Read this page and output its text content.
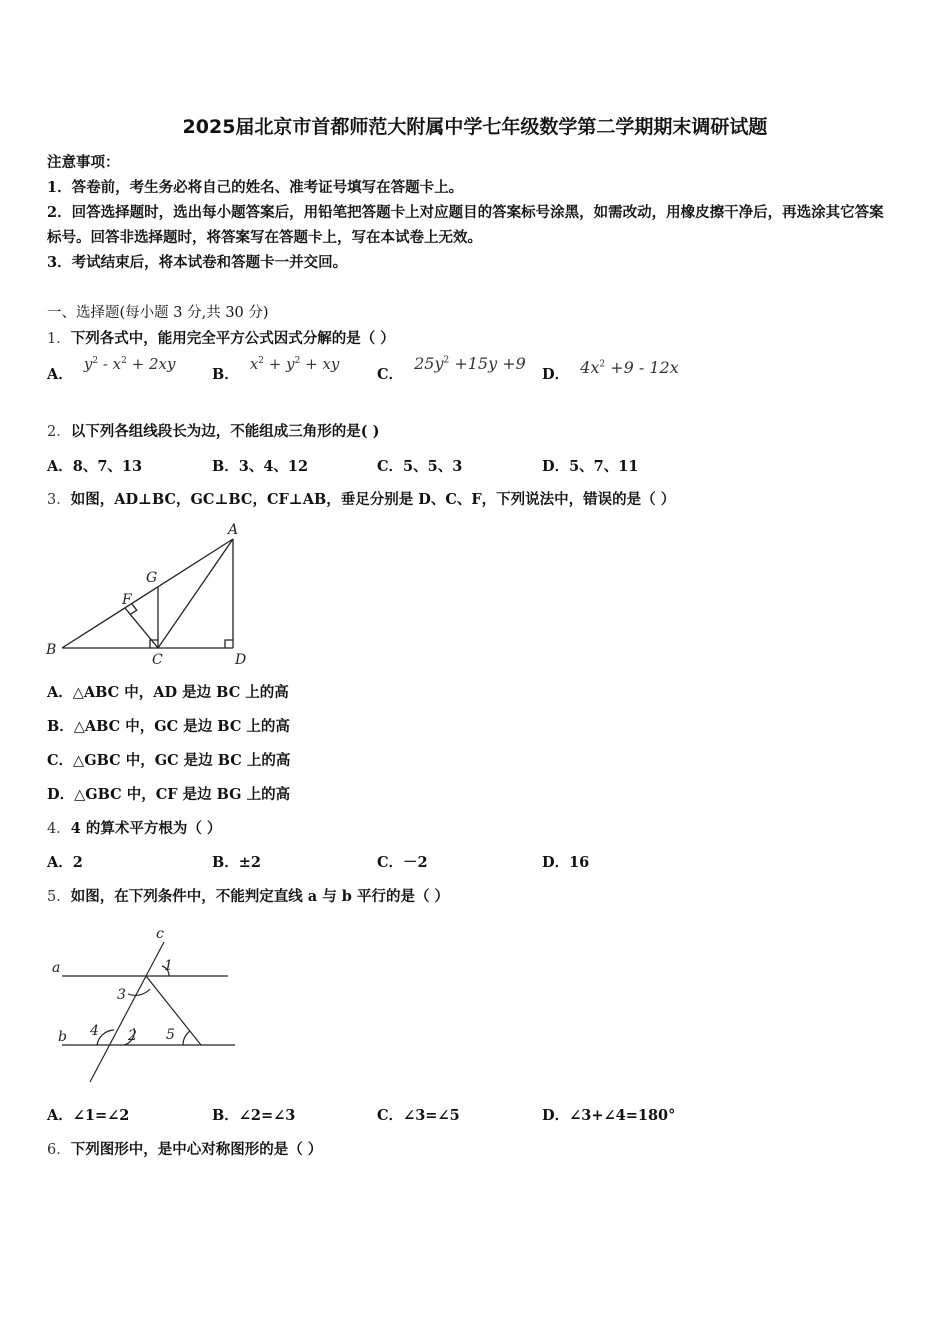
2025届北京市首都师范大附属中学七年级数学第二学期期末调研试题
注意事项：
1．答卷前，考生务必将自己的姓名、准考证号填写在答题卡上。
2．回答选择题时，选出每小题答案后，用铅笔把答题卡上对应题目的答案标号涂黑，如需改动，用橡皮擦干净后，再选涂其它答案标号。回答非选择题时，将答案写在答题卡上，写在本试卷上无效。
3．考试结束后，将本试卷和答题卡一并交回。
一、选择题(每小题 3 分,共 30 分)
1．下列各式中，能用完全平方公式因式分解的是（ ）
A． $y^2 - x^2 + 2xy$
B． $x^2 + y^2$ + xy
C． $25y^2 +15y +9$
D． $4x^2 +9 - 12x$
2．以下列各组线段长为边，不能组成三角形的是( )
A．8、7、13	B．3、4、12	C．5、5、3	D．5、7、11
3．如图，AD⊥BC，GC⊥BC，CF⊥AB，垂足分别是 D、C、F，下列说法中，错误的是（ ）
A
G
F
B
C	D
A．△ABC 中，AD 是边 BC 上的高
B．△ABC 中，GC 是边 BC 上的高
C．△GBC 中，GC 是边 BC 上的高
D．△GBC 中，CF 是边 BG 上的高
4．4 的算术平方根为（ ）
A．2	B．±2	C．－2	D．16
5．如图，在下列条件中，不能判定直线 a 与 b 平行的是（ ）
c
a
b
1
3
4 2 5
A．∠1=∠2	B．∠2=∠3	C．∠3=∠5	D．∠3+∠4=180°
6．下列图形中，是中心对称图形的是（ ）
